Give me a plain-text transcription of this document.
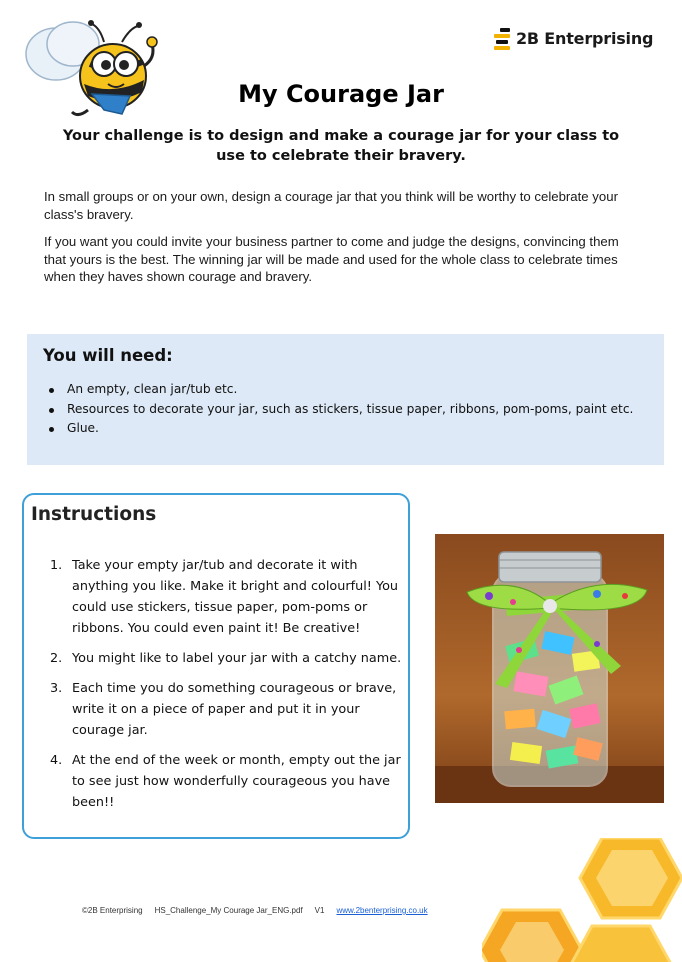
2B Enterprising
My Courage Jar
Your challenge is to design and make a courage jar for your class to use to celebrate their bravery.
In small groups or on your own, design a courage jar that you think will be worthy to celebrate your class's bravery.
If you want you could invite your business partner to come and judge the designs, convincing them that yours is the best. The winning jar will be made and used for the whole class to celebrate times when they haves shown courage and bravery.
You will need:
An empty, clean jar/tub etc.
Resources to decorate your jar, such as stickers, tissue paper, ribbons, pom-poms, paint etc.
Glue.
Instructions
1. Take your empty jar/tub and decorate it with anything you like. Make it bright and colourful! You could use stickers, tissue paper, pom-poms or ribbons. You could even paint it! Be creative!
2. You might like to label your jar with a catchy name.
3. Each time you do something courageous or brave, write it on a piece of paper and put it in your courage jar.
4. At the end of the week or month, empty out the jar to see just how wonderfully courageous you have been!!
©2B Enterprising HS_Challenge_My Courage Jar_ENG.pdf V1 www.2benterprising.co.uk
